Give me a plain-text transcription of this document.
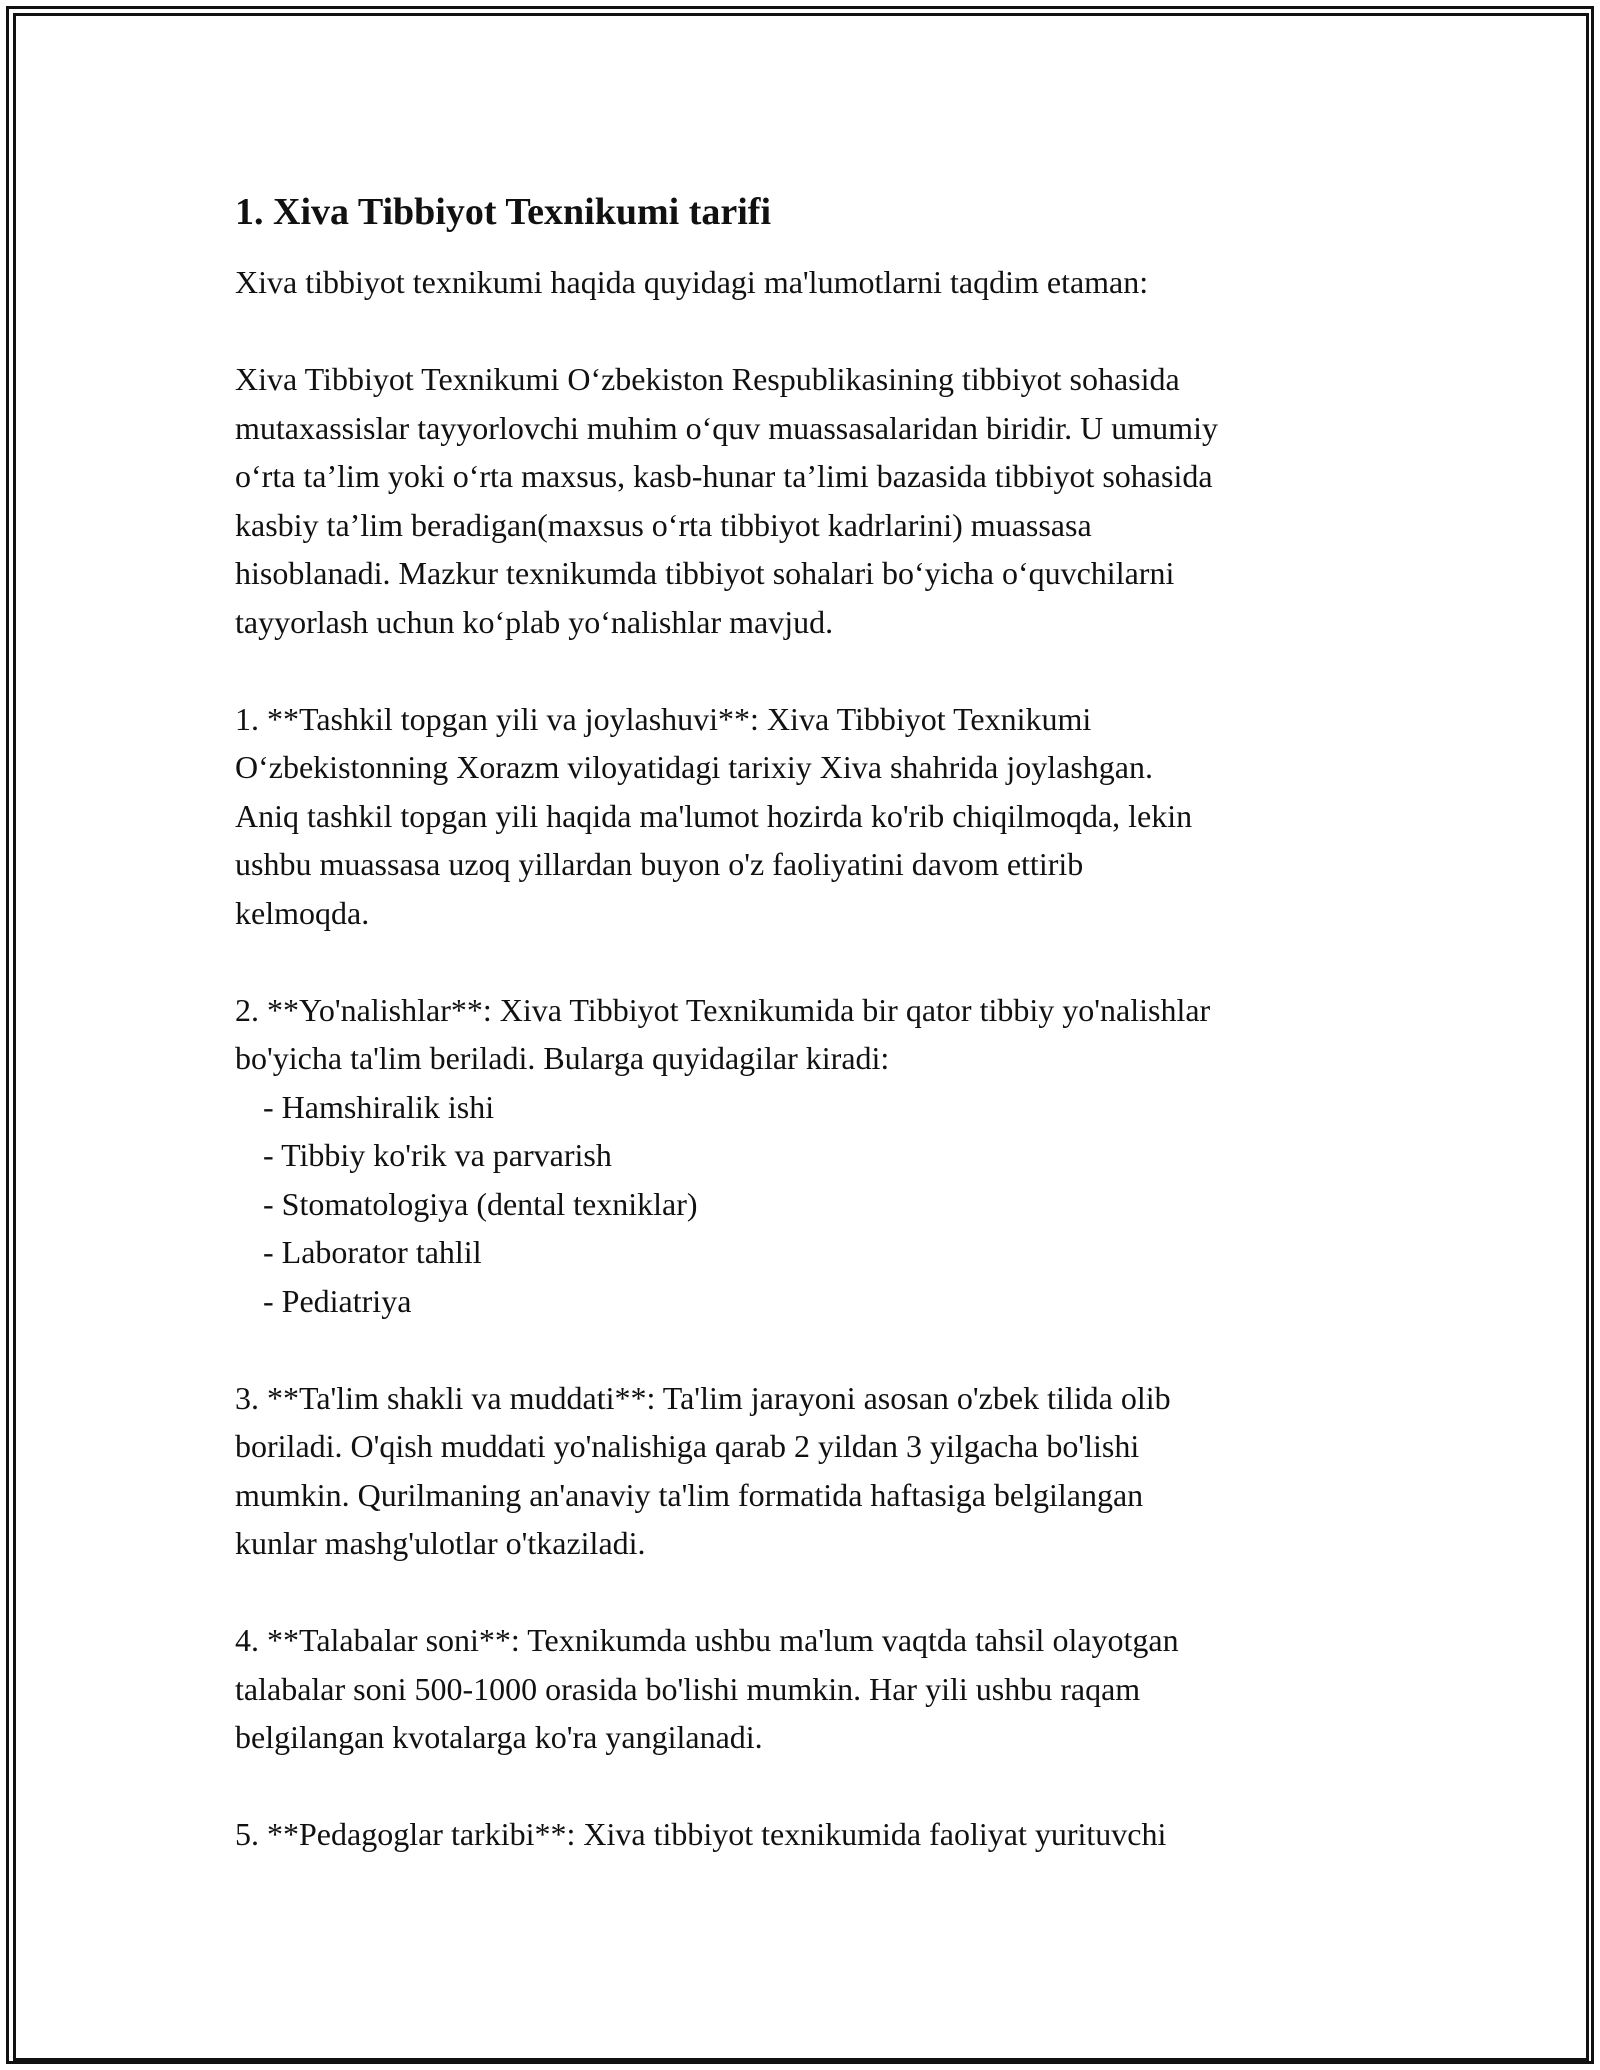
1. Xiva Tibbiyot Texnikumi tarifi
Xiva tibbiyot texnikumi haqida quyidagi ma'lumotlarni taqdim etaman:
Xiva Tibbiyot Texnikumi O‘zbekiston Respublikasining tibbiyot sohasida
mutaxassislar tayyorlovchi muhim o‘quv muassasalaridan biridir. U umumiy
o‘rta ta’lim yoki o‘rta maxsus, kasb-hunar ta’limi bazasida tibbiyot sohasida
kasbiy ta’lim beradigan(maxsus o‘rta tibbiyot kadrlarini) muassasa
hisoblanadi. Mazkur texnikumda tibbiyot sohalari bo‘yicha o‘quvchilarni
tayyorlash uchun ko‘plab yo‘nalishlar mavjud.
1. **Tashkil topgan yili va joylashuvi**: Xiva Tibbiyot Texnikumi
O‘zbekistonning Xorazm viloyatidagi tarixiy Xiva shahrida joylashgan.
Aniq tashkil topgan yili haqida ma'lumot hozirda ko'rib chiqilmoqda, lekin
ushbu muassasa uzoq yillardan buyon o'z faoliyatini davom ettirib
kelmoqda.
2. **Yo'nalishlar**: Xiva Tibbiyot Texnikumida bir qator tibbiy yo'nalishlar
bo'yicha ta'lim beriladi. Bularga quyidagilar kiradi:
- Hamshiralik ishi
- Tibbiy ko'rik va parvarish
- Stomatologiya (dental texniklar)
- Laborator tahlil
- Pediatriya
3. **Ta'lim shakli va muddati**: Ta'lim jarayoni asosan o'zbek tilida olib
boriladi. O'qish muddati yo'nalishiga qarab 2 yildan 3 yilgacha bo'lishi
mumkin. Qurilmaning an'anaviy ta'lim formatida haftasiga belgilangan
kunlar mashg'ulotlar o'tkaziladi.
4. **Talabalar soni**: Texnikumda ushbu ma'lum vaqtda tahsil olayotgan
talabalar soni 500-1000 orasida bo'lishi mumkin. Har yili ushbu raqam
belgilangan kvotalarga ko'ra yangilanadi.
5. **Pedagoglar tarkibi**: Xiva tibbiyot texnikumida faoliyat yurituvchi
